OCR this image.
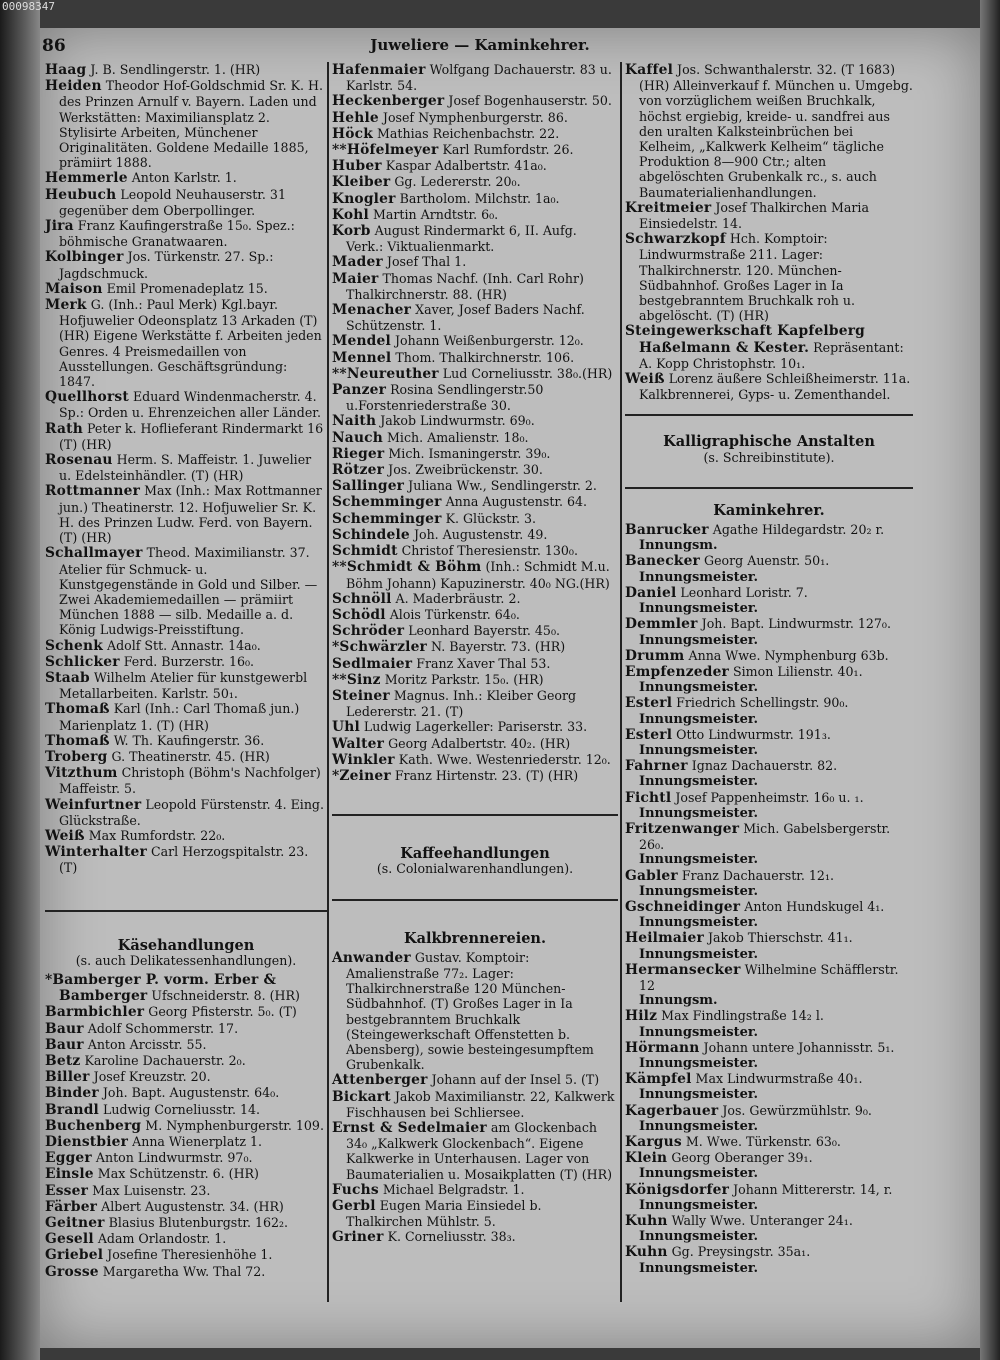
00098347
86	Juweliere — Kaminkehrer.

Haag J. B. Sendlingerstr. 1. (HR)

Heiden Theodor Hof-Goldschmid Sr. K. H. des Prinzen Arnulf v. Bayern. Laden und Werkstätten: Maximiliansplatz 2. Stylisirte Arbeiten, Münchener Originalitäten. Goldene Medaille 1885, prämiirt 1888.

Hemmerle Anton Karlstr. 1.

Heubuch Leopold Neuhauserstr. 31 gegenüber dem Oberpollinger.

Jira Franz Kaufingerstraße 15₀. Spez.: böhmische Granatwaaren.

Kolbinger Jos. Türkenstr. 27. Sp.: Jagdschmuck.

Maison Emil Promenadeplatz 15.

Merk G. (Inh.: Paul Merk) Kgl.bayr. Hofjuwelier Odeonsplatz 13 Arkaden (T) (HR) Eigene Werkstätte f. Arbeiten jeden Genres. 4 Preismedaillen von Ausstellungen. Geschäftsgründung: 1847.

Quellhorst Eduard Windenmacherstr. 4. Sp.: Orden u. Ehrenzeichen aller Länder.

Rath Peter k. Hoflieferant Rindermarkt 16 (T) (HR)

Rosenau Herm. S. Maffeistr. 1. Juwelier u. Edelsteinhändler. (T) (HR)

Rottmanner Max (Inh.: Max Rottmanner jun.) Theatinerstr. 12. Hofjuwelier Sr. K. H. des Prinzen Ludw. Ferd. von Bayern. (T) (HR)

Schallmayer Theod. Maximilianstr. 37. Atelier für Schmuck- u. Kunstgegenstände in Gold und Silber. — Zwei Akademiemedaillen — prämiirt München 1888 — silb. Medaille a. d. König Ludwigs-Preisstiftung.

Schenk Adolf Stt. Annastr. 14a₀.

Schlicker Ferd. Burzerstr. 16₀.

Staab Wilhelm Atelier für kunstgewerbl Metallarbeiten. Karlstr. 50₁.

Thomaß Karl (Inh.: Carl Thomaß jun.) Marienplatz 1. (T) (HR)

Thomaß W. Th. Kaufingerstr. 36.

Troberg G. Theatinerstr. 45. (HR)

Vitzthum Christoph (Böhm's Nachfolger) Maffeistr. 5.

Weinfurtner Leopold Fürstenstr. 4. Eing. Glückstraße.

Weiß Max Rumfordstr. 22₀.

Winterhalter Carl Herzogspitalstr. 23. (T)

Käsehandlungen
(s. auch Delikatessenhandlungen).

*Bamberger P. vorm. Erber & Bamberger Ufschneiderstr. 8. (HR)

Barmbichler Georg Pfisterstr. 5₀. (T)

Baur Adolf Schommerstr. 17.

Baur Anton Arcisstr. 55.

Betz Karoline Dachauerstr. 2₀.

Biller Josef Kreuzstr. 20.

Binder Joh. Bapt. Augustenstr. 64₀.

Brandl Ludwig Corneliusstr. 14.

Buchenberg M. Nymphenburgerstr. 109.

Dienstbier Anna Wienerplatz 1.

Egger Anton Lindwurmstr. 97₀.

Einsle Max Schützenstr. 6. (HR)

Esser Max Luisenstr. 23.

Färber Albert Augustenstr. 34. (HR)

Geitner Blasius Blutenburgstr. 162₂.

Gesell Adam Orlandostr. 1.

Griebel Josefine Theresienhöhe 1.

Grosse Margaretha Ww. Thal 72.

Hafenmaier Wolfgang Dachauerstr. 83 u. Karlstr. 54.

Heckenberger Josef Bogenhauserstr. 50.

Hehle Josef Nymphenburgerstr. 86.

Höck Mathias Reichenbachstr. 22.

**Höfelmeyer Karl Rumfordstr. 26.

Huber Kaspar Adalbertstr. 41a₀.

Kleiber Gg. Ledererstr. 20₀.

Knogler Bartholom. Milchstr. 1a₀.

Kohl Martin Arndtstr. 6₀.

Korb August Rindermarkt 6, II. Aufg. Verk.: Viktualienmarkt.

Mader Josef Thal 1.

Maier Thomas Nachf. (Inh. Carl Rohr) Thalkirchnerstr. 88. (HR)

Menacher Xaver, Josef Baders Nachf. Schützenstr. 1.

Mendel Johann Weißenburgerstr. 12₀.

Mennel Thom. Thalkirchnerstr. 106.

**Neureuther Lud Corneliusstr. 38₀.(HR)

Panzer Rosina Sendlingerstr.50 u.Forstenriederstraße 30.

Naith Jakob Lindwurmstr. 69₀.

Nauch Mich. Amalienstr. 18₀.

Rieger Mich. Ismaningerstr. 39₀.

Rötzer Jos. Zweibrückenstr. 30.

Sallinger Juliana Ww., Sendlingerstr. 2.

Schemminger Anna Augustenstr. 64.

Schemminger K. Glückstr. 3.

Schindele Joh. Augustenstr. 49.

Schmidt Christof Theresienstr. 130₀.

**Schmidt & Böhm (Inh.: Schmidt M.u. Böhm Johann) Kapuzinerstr. 40₀ NG.(HR)

Schnöll A. Maderbräustr. 2.

Schödl Alois Türkenstr. 64₀.

Schröder Leonhard Bayerstr. 45₀.

*Schwärzler N. Bayerstr. 73. (HR)

Sedlmaier Franz Xaver Thal 53.

**Sinz Moritz Parkstr. 15₀. (HR)

Steiner Magnus. Inh.: Kleiber Georg Ledererstr. 21. (T)

Uhl Ludwig Lagerkeller: Pariserstr. 33.

Walter Georg Adalbertstr. 40₂. (HR)

Winkler Kath. Wwe. Westenriederstr. 12₀.

*Zeiner Franz Hirtenstr. 23. (T) (HR)

Kaffeehandlungen
(s. Colonialwarenhandlungen).
Kalkbrennereien.

Anwander Gustav. Komptoir: Amalienstraße 77₂. Lager: Thalkirchnerstraße 120 München-Südbahnhof. (T) Großes Lager in Ia bestgebranntem Bruchkalk (Steingewerkschaft Offenstetten b. Abensberg), sowie besteingesumpftem Grubenkalk.

Attenberger Johann auf der Insel 5. (T)

Bickart Jakob Maximilianstr. 22, Kalkwerk Fischhausen bei Schliersee.

Ernst & Sedelmaier am Glockenbach 34₀ „Kalkwerk Glockenbach“. Eigene Kalkwerke in Unterhausen. Lager von Baumaterialien u. Mosaikplatten (T) (HR)

Fuchs Michael Belgradstr. 1.

Gerbl Eugen Maria Einsiedel b. Thalkirchen Mühlstr. 5.

Griner K. Corneliusstr. 38₃.

Kaffel Jos. Schwanthalerstr. 32. (T 1683) (HR) Alleinverkauf f. München u. Umgebg. von vorzüglichem weißen Bruchkalk, höchst ergiebig, kreide- u. sandfrei aus den uralten Kalksteinbrüchen bei Kelheim, „Kalkwerk Kelheim“ tägliche Produktion 8—900 Ctr.; alten abgelöschten Grubenkalk rc., s. auch Baumaterialienhandlungen.

Kreitmeier Josef Thalkirchen Maria Einsiedelstr. 14.

Schwarzkopf Hch. Komptoir: Lindwurmstraße 211. Lager: Thalkirchnerstr. 120. München-Südbahnhof. Großes Lager in Ia bestgebranntem Bruchkalk roh u. abgelöscht. (T) (HR)

Steingewerkschaft Kapfelberg Haßelmann & Kester. Repräsentant: A. Kopp Christophstr. 10₁.

Weiß Lorenz äußere Schleißheimerstr. 11a. Kalkbrennerei, Gyps- u. Zementhandel.

Kalligraphische Anstalten
(s. Schreibinstitute).
Kaminkehrer.

Banrucker Agathe Hildegardstr. 20₂ r.

Innungsm.

Banecker Georg Auenstr. 50₁.

Innungsmeister.

Daniel Leonhard Loristr. 7.

Innungsmeister.

Demmler Joh. Bapt. Lindwurmstr. 127₀.

Innungsmeister.

Drumm Anna Wwe. Nymphenburg 63b.

Empfenzeder Simon Lilienstr. 40₁.

Innungsmeister.

Esterl Friedrich Schellingstr. 90₀.

Innungsmeister.

Esterl Otto Lindwurmstr. 191₃.

Innungsmeister.

Fahrner Ignaz Dachauerstr. 82.

Innungsmeister.

Fichtl Josef Pappenheimstr. 16₀ u. ₁.

Innungsmeister.

Fritzenwanger Mich. Gabelsbergerstr. 26₀.

Innungsmeister.

Gabler Franz Dachauerstr. 12₁.

Innungsmeister.

Gschneidinger Anton Hundskugel 4₁.

Innungsmeister.

Heilmaier Jakob Thierschstr. 41₁.

Innungsmeister.

Hermansecker Wilhelmine Schäfflerstr. 12

Innungsm.

Hilz Max Findlingstraße 14₂ l.

Innungsmeister.

Hörmann Johann untere Johannisstr. 5₁.

Innungsmeister.

Kämpfel Max Lindwurmstraße 40₁.

Innungsmeister.

Kagerbauer Jos. Gewürzmühlstr. 9₀.

Innungsmeister.

Kargus M. Wwe. Türkenstr. 63₀.

Klein Georg Oberanger 39₁.

Innungsmeister.

Königsdorfer Johann Mittererstr. 14, r.

Innungsmeister.

Kuhn Wally Wwe. Unteranger 24₁.

Innungsmeister.

Kuhn Gg. Preysingstr. 35a₁.

Innungsmeister.
